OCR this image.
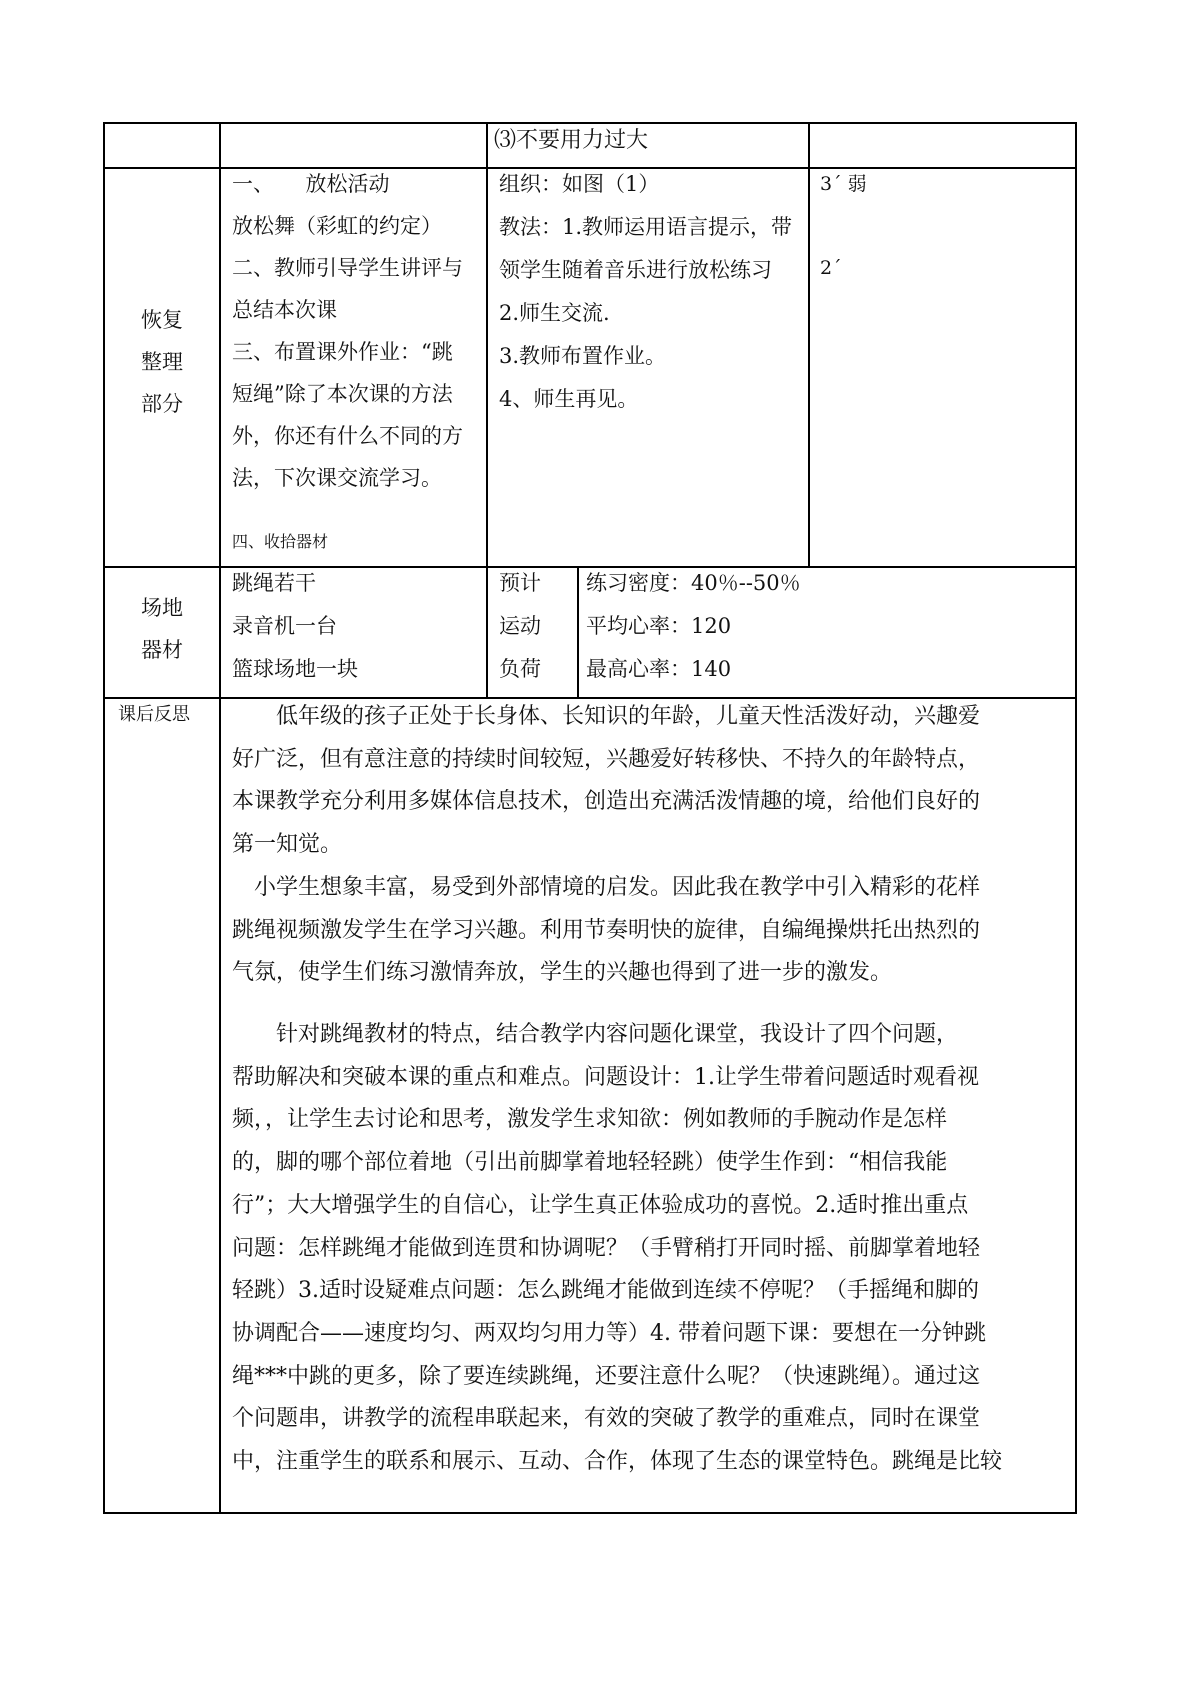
⑶不要用力过大
恢复
整理
部分
一、　　放松活动
放松舞（彩虹的约定）
二、教师引导学生讲评与
总结本次课
三、布置课外作业：“跳
短绳”除了本次课的方法
外，你还有什么不同的方
法，下次课交流学习。
四、收拾器材
组织：如图（1）
教法：1.教师运用语言提示，带
领学生随着音乐进行放松练习
2.师生交流.
3.教师布置作业。
4、师生再见。
3´ 弱
2´
场地
器材
跳绳若干
录音机一台
篮球场地一块
预计
运动
负荷
练习密度：40％--50％
平均心率：120
最高心率：140
课后反思 　　低年级的孩子正处于长身体、长知识的年龄，儿童天性活泼好动，兴趣爱
好广泛，但有意注意的持续时间较短，兴趣爱好转移快、不持久的年龄特点，
本课教学充分利用多媒体信息技术，创造出充满活泼情趣的境，给他们良好的
第一知觉。
　小学生想象丰富，易受到外部情境的启发。因此我在教学中引入精彩的花样
跳绳视频激发学生在学习兴趣。利用节奏明快的旋律，自编绳操烘托出热烈的
气氛，使学生们练习激情奔放，学生的兴趣也得到了进一步的激发。
　　针对跳绳教材的特点，结合教学内容问题化课堂，我设计了四个问题，
帮助解决和突破本课的重点和难点。问题设计：1.让学生带着问题适时观看视
频，，让学生去讨论和思考，激发学生求知欲：例如教师的手腕动作是怎样
的，脚的哪个部位着地（引出前脚掌着地轻轻跳）使学生作到：“相信我能
行”；大大增强学生的自信心，让学生真正体验成功的喜悦。2.适时推出重点
问题：怎样跳绳才能做到连贯和协调呢？（手臂稍打开同时摇、前脚掌着地轻
轻跳）3.适时设疑难点问题：怎么跳绳才能做到连续不停呢？（手摇绳和脚的
协调配合——速度均匀、两双均匀用力等）4. 带着问题下课：要想在一分钟跳
绳***中跳的更多，除了要连续跳绳，还要注意什么呢？（快速跳绳）。通过这
个问题串，讲教学的流程串联起来，有效的突破了教学的重难点，同时在课堂
中，注重学生的联系和展示、互动、合作，体现了生态的课堂特色。跳绳是比较
